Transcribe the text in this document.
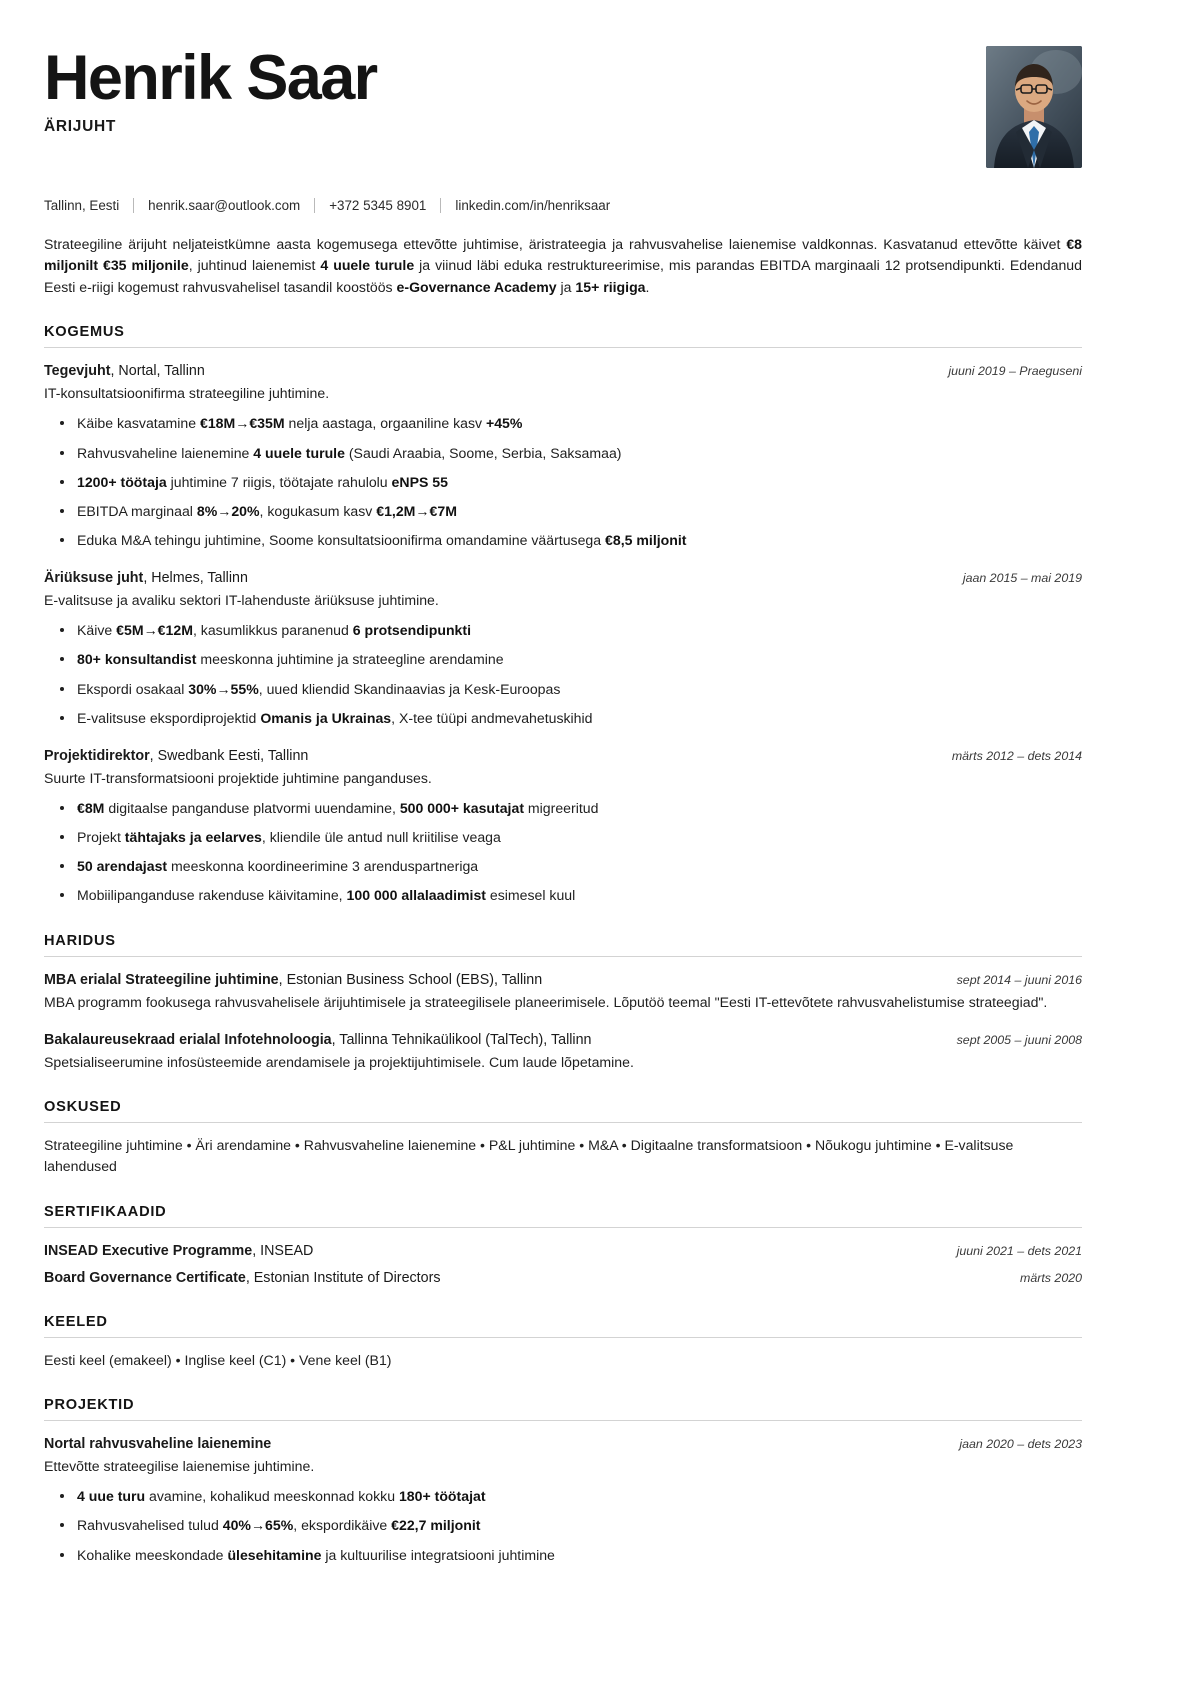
Henrik Saar
ÄRIJUHT
Tallinn, Eesti henrik.saar@outlook.com +372 5345 8901 linkedin.com/in/henriksaar

Strateegiline ärijuht neljateistkümne aasta kogemusega ettevõtte juhtimise, äristrateegia ja rahvusvahelise laienemise valdkonnas. Kasvatanud ettevõtte käivet €8 miljonilt €35 miljonile, juhtinud laienemist 4 uuele turule ja viinud läbi eduka restruktureerimise, mis parandas EBITDA marginaali 12 protsendipunkti. Edendanud Eesti e-riigi kogemust rahvusvahelisel tasandil koostöös e-Governance Academy ja 15+ riigiga.

KOGEMUS
Tegevjuht, Nortal, Tallinn	juuni 2019 – Praeguseni
IT-konsultatsioonifirma strateegiline juhtimine.
Käibe kasvatamine €18M→€35M nelja aastaga, orgaaniline kasv +45%
Rahvusvaheline laienemine 4 uuele turule (Saudi Araabia, Soome, Serbia, Saksamaa)
1200+ töötaja juhtimine 7 riigis, töötajate rahulolu eNPS 55
EBITDA marginaal 8%→20%, kogukasum kasv €1,2M→€7M
Eduka M&A tehingu juhtimine, Soome konsultatsioonifirma omandamine väärtusega €8,5 miljonit
Äriüksuse juht, Helmes, Tallinn	jaan 2015 – mai 2019
E-valitsuse ja avaliku sektori IT-lahenduste äriüksuse juhtimine.
Käive €5M→€12M, kasumlikkus paranenud 6 protsendipunkti
80+ konsultandist meeskonna juhtimine ja strateegline arendamine
Ekspordi osakaal 30%→55%, uued kliendid Skandinaavias ja Kesk-Euroopas
E-valitsuse ekspordiprojektid Omanis ja Ukrainas, X-tee tüüpi andmevahetuskihid
Projektidirektor, Swedbank Eesti, Tallinn	märts 2012 – dets 2014
Suurte IT-transformatsiooni projektide juhtimine panganduses.
€8M digitaalse panganduse platvormi uuendamine, 500 000+ kasutajat migreeritud
Projekt tähtajaks ja eelarves, kliendile üle antud null kriitilise veaga
50 arendajast meeskonna koordineerimine 3 arenduspartneriga
Mobiilipanganduse rakenduse käivitamine, 100 000 allalaadimist esimesel kuul
HARIDUS
MBA erialal Strateegiline juhtimine, Estonian Business School (EBS), Tallinn	sept 2014 – juuni 2016
MBA programm fookusega rahvusvahelisele ärijuhtimisele ja strateegilisele planeerimisele. Lõputöö teemal "Eesti IT-ettevõtete rahvusvahelistumise strateegiad".
Bakalaureusekraad erialal Infotehnoloogia, Tallinna Tehnikaülikool (TalTech), Tallinn	sept 2005 – juuni 2008
Spetsialiseerumine infosüsteemide arendamisele ja projektijuhtimisele. Cum laude lõpetamine.
OSKUSED
Strateegiline juhtimine • Äri arendamine • Rahvusvaheline laienemine • P&L juhtimine • M&A • Digitaalne transformatsioon • Nõukogu juhtimine • E-valitsuse lahendused
SERTIFIKAADID
INSEAD Executive Programme, INSEAD	juuni 2021 – dets 2021
Board Governance Certificate, Estonian Institute of Directors	märts 2020
KEELED
Eesti keel (emakeel) • Inglise keel (C1) • Vene keel (B1)
PROJEKTID
Nortal rahvusvaheline laienemine	jaan 2020 – dets 2023
Ettevõtte strateegilise laienemise juhtimine.
4 uue turu avamine, kohalikud meeskonnad kokku 180+ töötajat
Rahvusvahelised tulud 40%→65%, ekspordikäive €22,7 miljonit
Kohalike meeskondade ülesehitamine ja kultuurilise integratsiooni juhtimine
